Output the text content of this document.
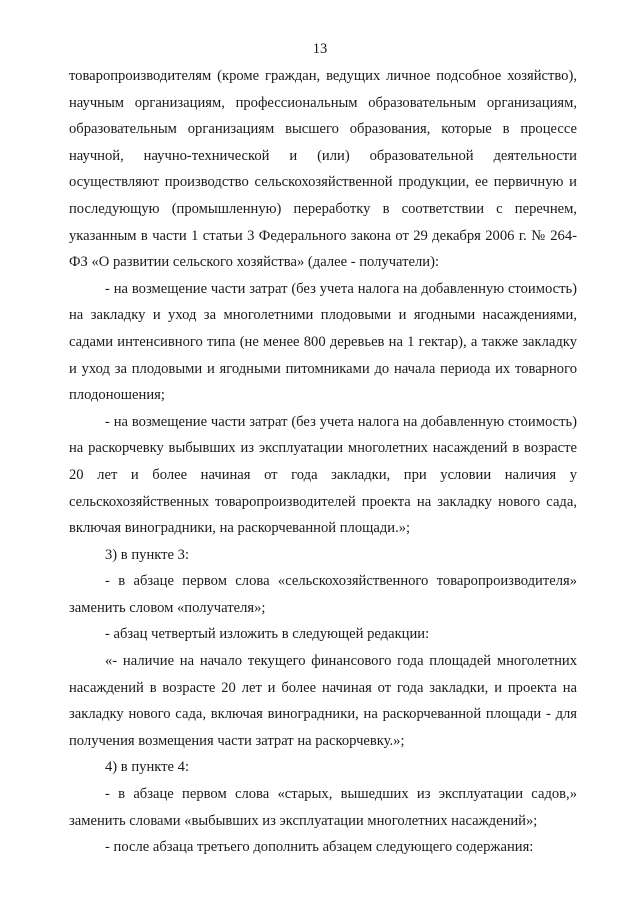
13

товаропроизводителям (кроме граждан, ведущих личное подсобное хозяйство), научным организациям, профессиональным образовательным организациям, образовательным организациям высшего образования, которые в процессе научной, научно-технической и (или) образовательной деятельности осуществляют производство сельскохозяйственной продукции, ее первичную и последующую (промышленную) переработку в соответствии с перечнем, указанным в части 1 статьи 3 Федерального закона от 29 декабря 2006 г. № 264-ФЗ «О развитии сельского хозяйства» (далее - получатели):

- на возмещение части затрат (без учета налога на добавленную стоимость) на закладку и уход за многолетними плодовыми и ягодными насаждениями, садами интенсивного типа (не менее 800 деревьев на 1 гектар), а также закладку и уход за плодовыми и ягодными питомниками до начала периода их товарного плодоношения;

- на возмещение части затрат (без учета налога на добавленную стоимость) на раскорчевку выбывших из эксплуатации многолетних насаждений в возрасте 20 лет и более начиная от года закладки, при условии наличия у сельскохозяйственных товаропроизводителей проекта на закладку нового сада, включая виноградники, на раскорчеванной площади.»;

3) в пункте 3:

- в абзаце первом слова «сельскохозяйственного товаропроизводителя» заменить словом «получателя»;

- абзац четвертый изложить в следующей редакции:

«- наличие на начало текущего финансового года площадей многолетних насаждений в возрасте 20 лет и более начиная от года закладки, и проекта на закладку нового сада, включая виноградники, на раскорчеванной площади - для получения возмещения части затрат на раскорчевку.»;

4) в пункте 4:

- в абзаце первом слова «старых, вышедших из эксплуатации садов,» заменить словами «выбывших из эксплуатации многолетних насаждений»;

- после абзаца третьего дополнить абзацем следующего содержания:
